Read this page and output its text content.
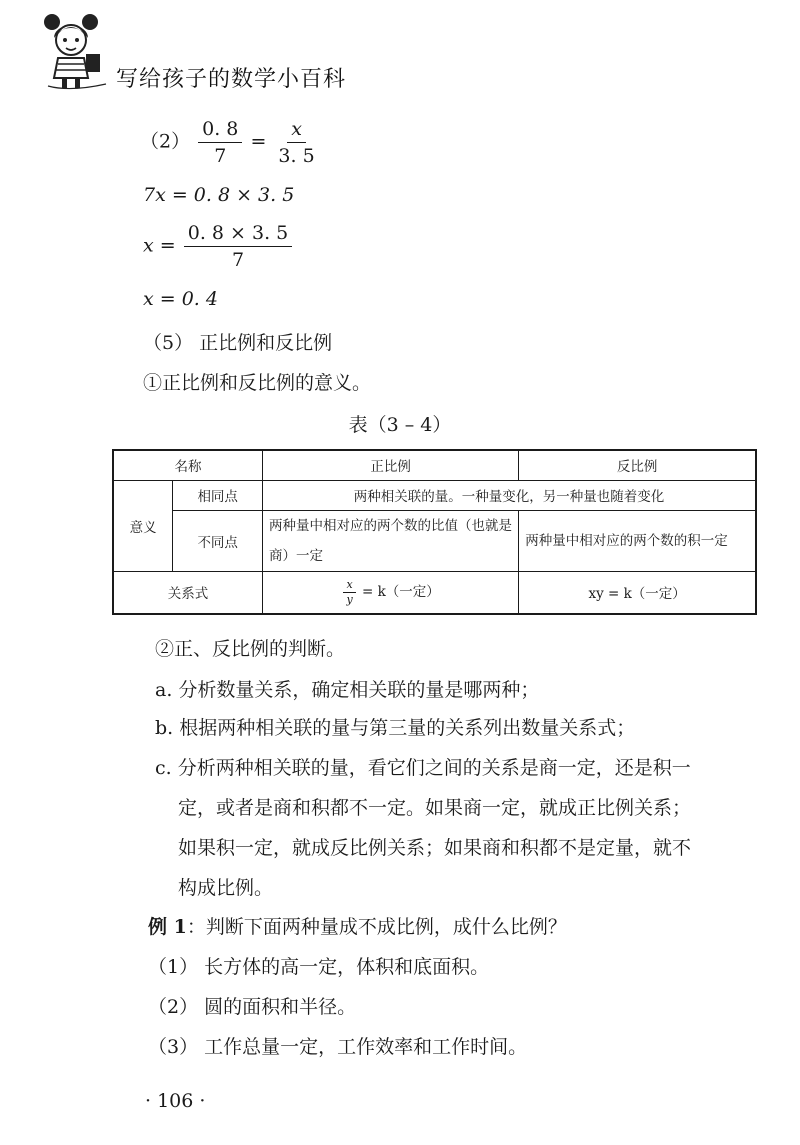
写给孩子的数学小百科
$(2) \frac{0. 8}{7} = \frac{x}{3. 5}$
7x = 0. 8 × 3. 5
$x = \frac{0. 8 \times 3. 5}{7}$
x = 0. 4
（5） 正比例和反比例
①正比例和反比例的意义。
表（3 – 4）
名称		正比例	反比例
意义	相同点	两种相关联的量。一种量变化，另一种量也随着变化	
	不同点	两种量中相对应的两个数的比值（也就是商）一定	两种量中相对应的两个数的积一定
关系式		$\frac{x}{y} = k$（一定）	xy = k（一定）
②正、反比例的判断。
a. 分析数量关系，确定相关联的量是哪两种；
b. 根据两种相关联的量与第三量的关系列出数量关系式；
c. 分析两种相关联的量，看它们之间的关系是商一定，还是积一
定，或者是商和积都不一定。如果商一定，就成正比例关系；
如果积一定，就成反比例关系；如果商和积都不是定量，就不
构成比例。
例 1：判断下面两种量成不成比例，成什么比例？
（1） 长方体的高一定，体积和底面积。
（2） 圆的面积和半径。
（3） 工作总量一定，工作效率和工作时间。
· 106 ·
